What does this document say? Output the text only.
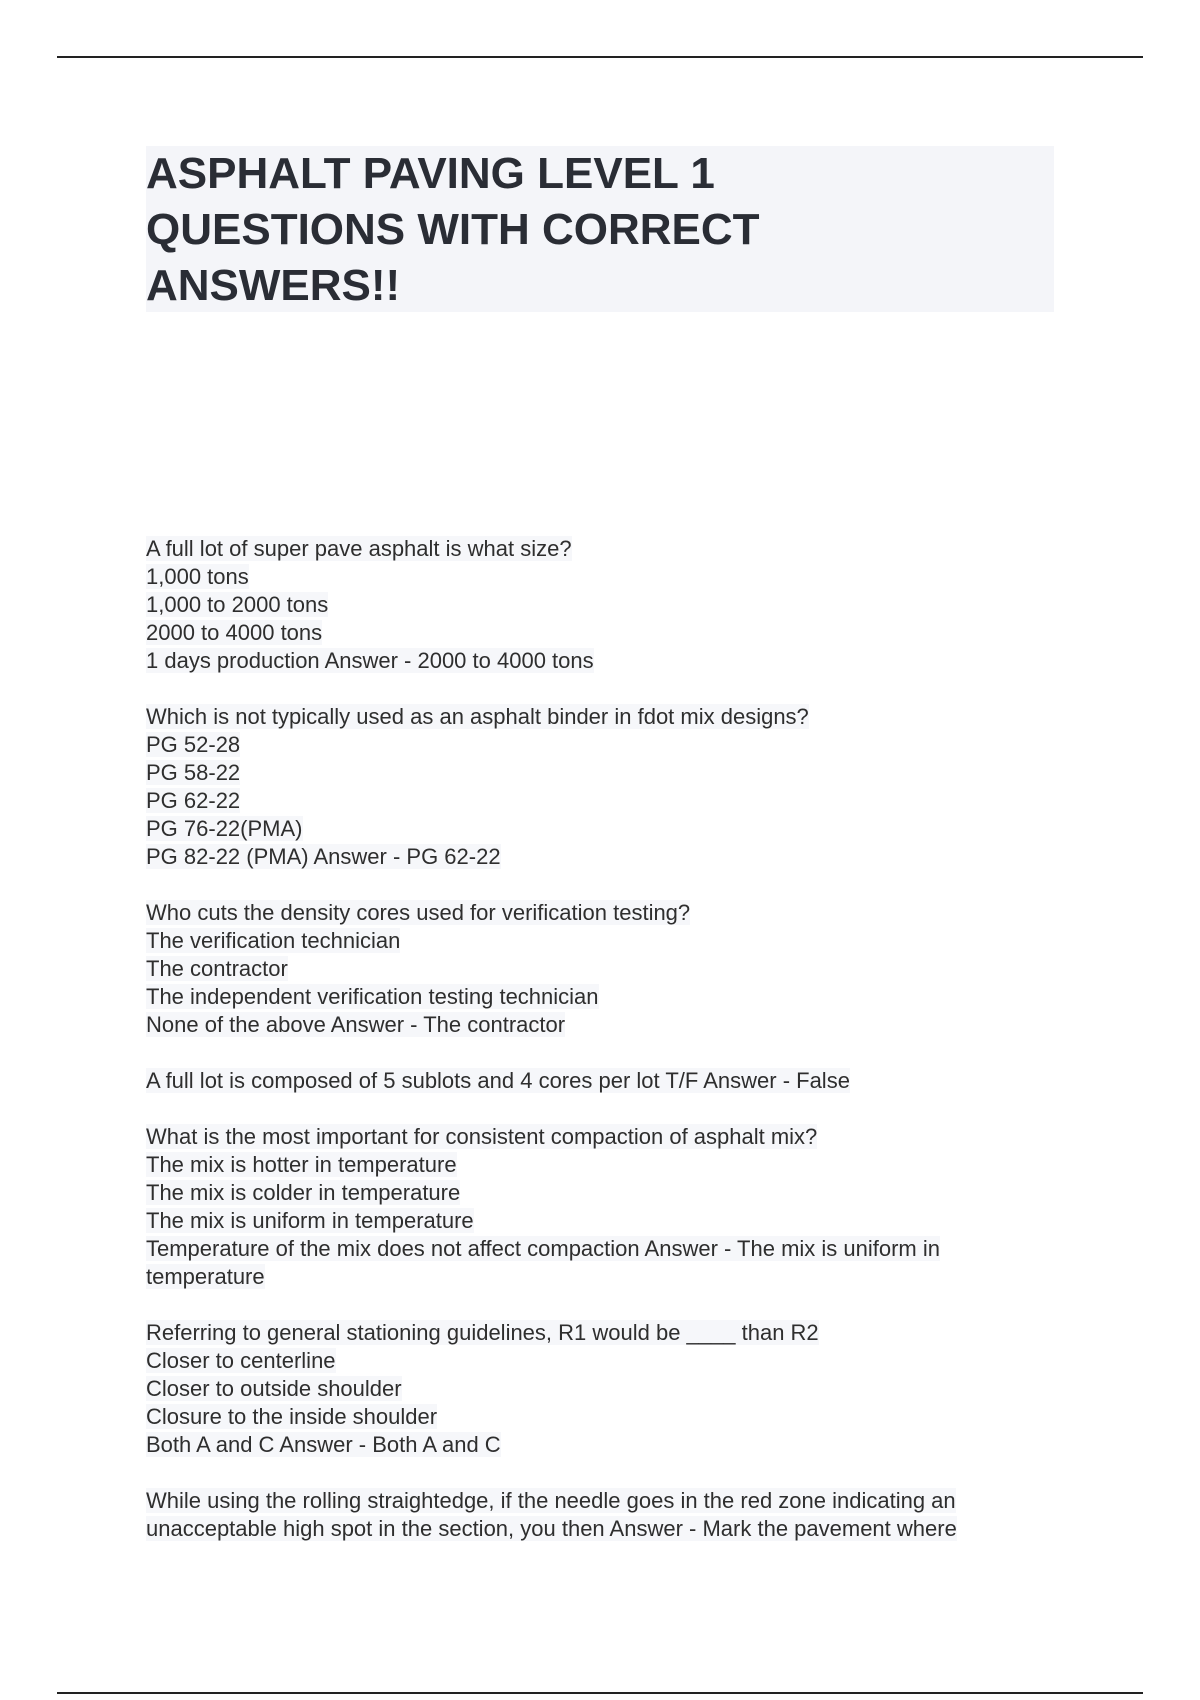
ASPHALT PAVING LEVEL 1 QUESTIONS WITH CORRECT ANSWERS!!
A full lot of super pave asphalt is what size?
1,000 tons
1,000 to 2000 tons
2000 to 4000 tons
1 days production Answer - 2000 to 4000 tons
Which is not typically used as an asphalt binder in fdot mix designs?
PG 52-28
PG 58-22
PG 62-22
PG 76-22(PMA)
PG 82-22 (PMA) Answer - PG 62-22
Who cuts the density cores used for verification testing?
The verification technician
The contractor
The independent verification testing technician
None of the above Answer - The contractor
A full lot is composed of 5 sublots and 4 cores per lot T/F Answer - False
What is the most important for consistent compaction of asphalt mix?
The mix is hotter in temperature
The mix is colder in temperature
The mix is uniform in temperature
Temperature of the mix does not affect compaction Answer - The mix is uniform in
temperature
Referring to general stationing guidelines, R1 would be ____ than R2
Closer to centerline
Closer to outside shoulder
Closure to the inside shoulder
Both A and C Answer - Both A and C
While using the rolling straightedge, if the needle goes in the red zone indicating an
unacceptable high spot in the section, you then Answer - Mark the pavement where
